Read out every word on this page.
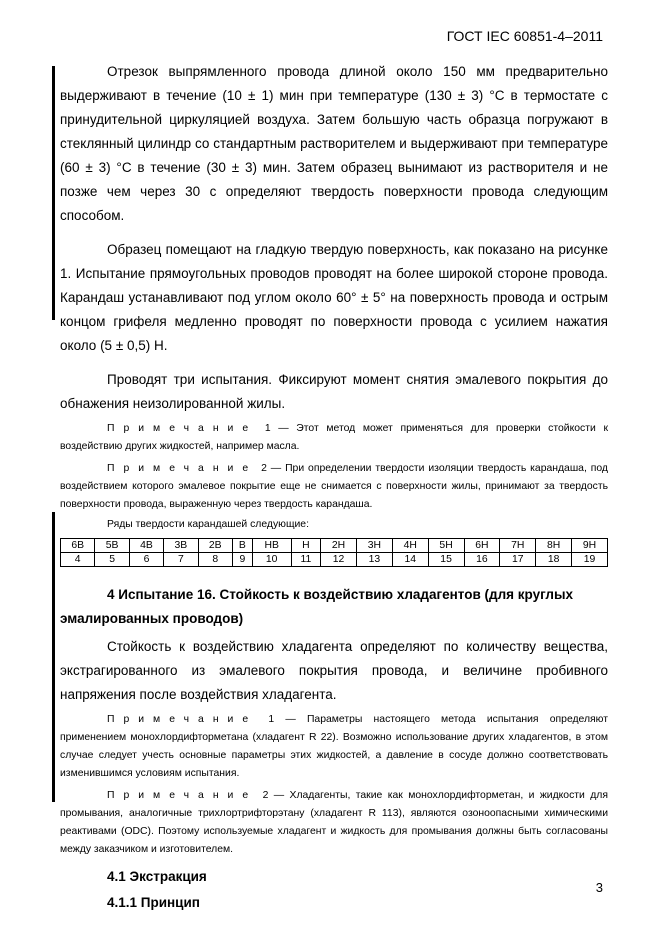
ГОСТ IEC 60851-4–2011

Отрезок выпрямленного провода длиной около 150 мм предварительно выдерживают в течение (10 ± 1) мин при температуре (130 ± 3) °С в термостате с принудительной циркуляцией воздуха. Затем большую часть образца погружают в стеклянный цилиндр со стандартным растворителем и выдерживают при температуре (60 ± 3) °С в течение (30 ± 3) мин. Затем образец вынимают из растворителя и не позже чем через 30 с определяют твердость поверхности провода следующим способом.

Образец помещают на гладкую твердую поверхность, как показано на рисунке 1. Испытание прямоугольных проводов проводят на более широкой стороне провода. Карандаш устанавливают под углом около 60° ± 5° на поверхность провода и острым концом грифеля медленно проводят по поверхности провода с усилием нажатия около (5 ± 0,5) Н.

Проводят три испытания. Фиксируют момент снятия эмалевого покрытия до обнажения неизолированной жилы.

Примечание 1 — Этот метод может применяться для проверки стойкости к воздействию других жидкостей, например масла.

Примечание 2 — При определении твердости изоляции твердость карандаша, под воздействием которого эмалевое покрытие еще не снимается с поверхности жилы, принимают за твердость поверхности провода, выраженную через твердость карандаша.

Ряды твердости карандашей следующие:

6В	5В	4В	3В	2В	В	НВ	Н	2Н	3Н	4Н	5Н	6Н	7Н	8Н	9Н
4	5	6	7	8	9	10	11	12	13	14	15	16	17	18	19

4 Испытание 16. Стойкость к воздействию хладагентов (для круглых эмалированных проводов)

Стойкость к воздействию хладагента определяют по количеству вещества, экстрагированного из эмалевого покрытия провода, и величине пробивного напряжения после воздействия хладагента.

Примечание 1 — Параметры настоящего метода испытания определяют применением монохлордифторметана (хладагент R 22). Возможно использование других хладагентов, в этом случае следует учесть основные параметры этих жидкостей, а давление в сосуде должно соответствовать изменившимся условиям испытания.

Примечание 2 — Хладагенты, такие как монохлордифторметан, и жидкости для промывания, аналогичные трихлортрифторэтану (хладагент R 113), являются озоноопасными химическими реактивами (ODC). Поэтому используемые хладагент и жидкость для промывания должны быть согласованы между заказчиком и изготовителем.

4.1 Экстракция

4.1.1 Принцип

3
